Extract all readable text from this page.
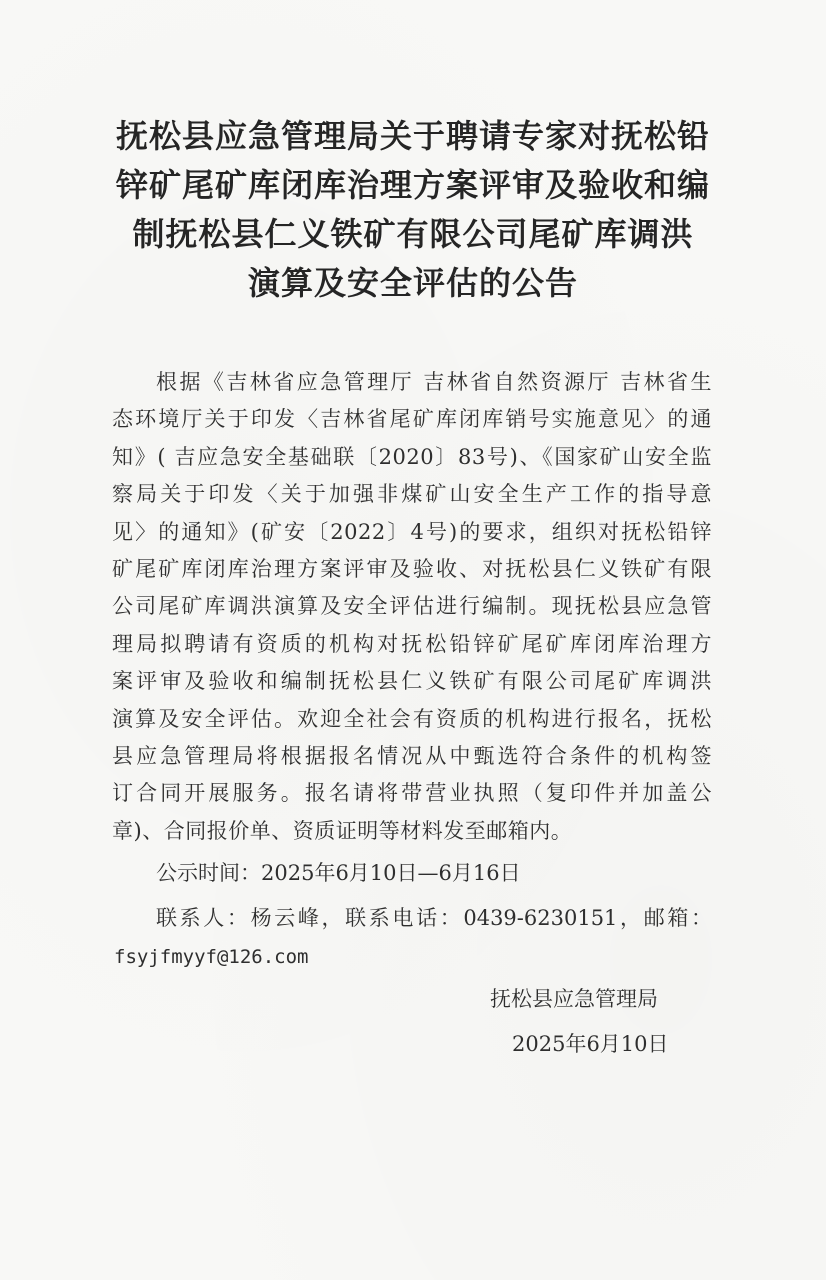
抚松县应急管理局关于聘请专家对抚松铅
锌矿尾矿库闭库治理方案评审及验收和编
制抚松县仁义铁矿有限公司尾矿库调洪
演算及安全评估的公告
根据《吉林省应急管理厅 吉林省自然资源厅 吉林省生
态环境厅关于印发〈吉林省尾矿库闭库销号实施意见〉的通
知》( 吉应急安全基础联〔2020〕83号)、《国家矿山安全监
察局关于印发〈关于加强非煤矿山安全生产工作的指导意
见〉的通知》(矿安〔2022〕4号)的要求，组织对抚松铅锌
矿尾矿库闭库治理方案评审及验收、对抚松县仁义铁矿有限
公司尾矿库调洪演算及安全评估进行编制。现抚松县应急管
理局拟聘请有资质的机构对抚松铅锌矿尾矿库闭库治理方
案评审及验收和编制抚松县仁义铁矿有限公司尾矿库调洪
演算及安全评估。欢迎全社会有资质的机构进行报名，抚松
县应急管理局将根据报名情况从中甄选符合条件的机构签
订合同开展服务。报名请将带营业执照（复印件并加盖公
章)、合同报价单、资质证明等材料发至邮箱内。
公示时间：2025年6月10日—6月16日
联系人：杨云峰，联系电话：0439-6230151，邮箱：
fsyjfmyyf@126.com
抚松县应急管理局
2025年6月10日
